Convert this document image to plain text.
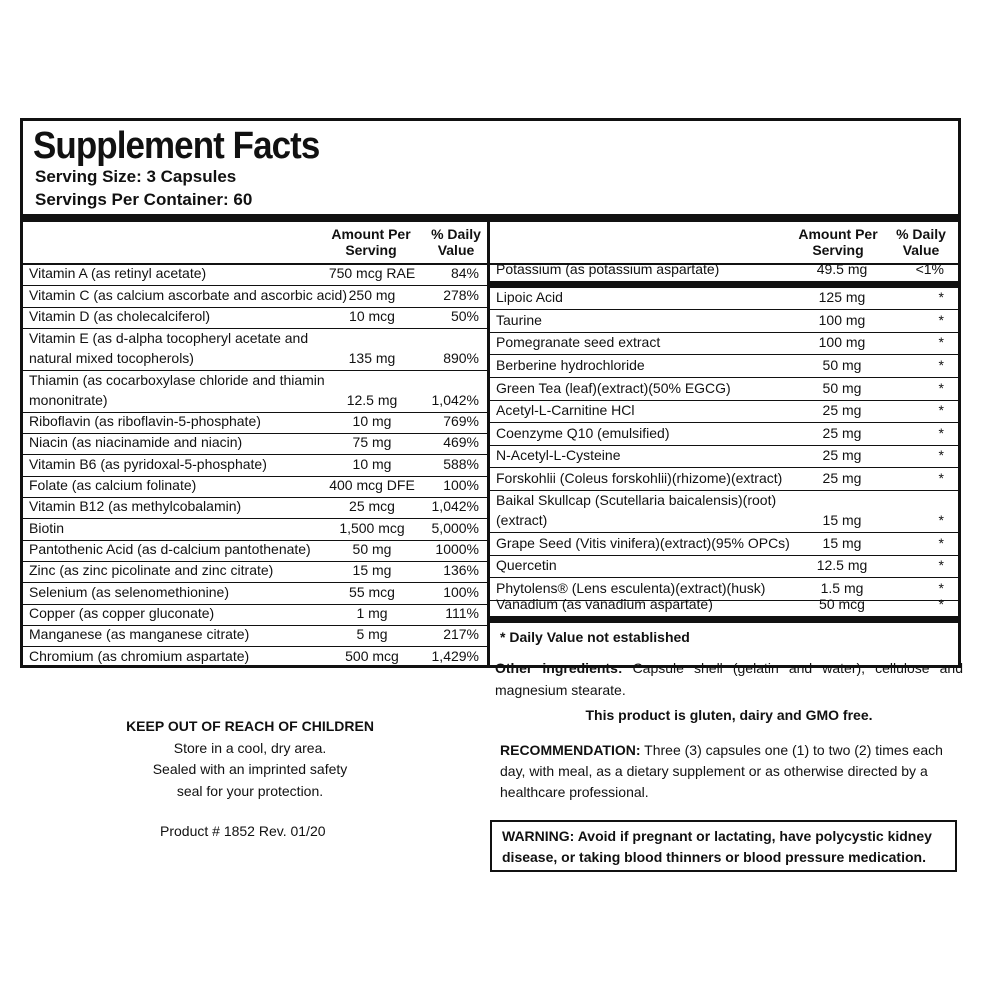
Supplement Facts
Serving Size: 3 Capsules
Servings Per Container: 60
Amount Per
Serving
% Daily
Value
Vitamin A (as retinyl acetate)	750 mcg RAE	84%
Vitamin C (as calcium ascorbate and ascorbic acid) 250 mg	278%
Vitamin D (as cholecalciferol)	10 mcg	50%
Vitamin E (as d-alpha tocopheryl acetate and
natural mixed tocopherols)	135 mg	890%
Thiamin (as cocarboxylase chloride and thiamin
mononitrate)	12.5 mg	1,042%
Riboflavin (as riboflavin-5-phosphate)	10 mg	769%
Niacin (as niacinamide and niacin)	75 mg	469%
Vitamin B6 (as pyridoxal-5-phosphate)	10 mg	588%
Folate (as calcium folinate)	400 mcg DFE	100%
Vitamin B12 (as methylcobalamin)	25 mcg	1,042%
Biotin	1,500 mcg	5,000%
Pantothenic Acid (as d-calcium pantothenate)	50 mg	1000%
Zinc (as zinc picolinate and zinc citrate)	15 mg	136%
Selenium (as selenomethionine)	55 mcg	100%
Copper (as copper gluconate)	1 mg	111%
Manganese (as manganese citrate)	5 mg	217%
Chromium (as chromium aspartate)	500 mcg	1,429%
Amount Per
Serving
% Daily
Value
Potassium (as potassium aspartate)	49.5 mg	<1%
Lipoic Acid	125 mg	*
Taurine	100 mg	*
Pomegranate seed extract	100 mg	*
Berberine hydrochloride	50 mg	*
Green Tea (leaf)(extract)(50% EGCG)	50 mg	*
Acetyl-L-Carnitine HCl	25 mg	*
Coenzyme Q10 (emulsified)	25 mg	*
N-Acetyl-L-Cysteine	25 mg	*
Forskohlii (Coleus forskohlii)(rhizome)(extract)	25 mg	*
Baikal Skullcap (Scutellaria baicalensis)(root)
(extract)	15 mg	*
Grape Seed (Vitis vinifera)(extract)(95% OPCs)	15 mg	*
Quercetin	12.5 mg	*
Phytolens® (Lens esculenta)(extract)(husk)	1.5 mg	*
Vanadium (as vanadium aspartate)	50 mcg	*
* Daily Value not established
Other ingredients: Capsule shell (gelatin and water), cellulose and magnesium stearate.
This product is gluten, dairy and GMO free.
RECOMMENDATION: Three (3) capsules one (1) to two (2) times each day, with meal, as a dietary supplement or as otherwise directed by a healthcare professional.
WARNING: Avoid if pregnant or lactating, have polycystic kidney disease, or taking blood thinners or blood pressure medication.
KEEP OUT OF REACH OF CHILDREN
Store in a cool, dry area.
Sealed with an imprinted safety
seal for your protection.
Product # 1852 Rev. 01/20
